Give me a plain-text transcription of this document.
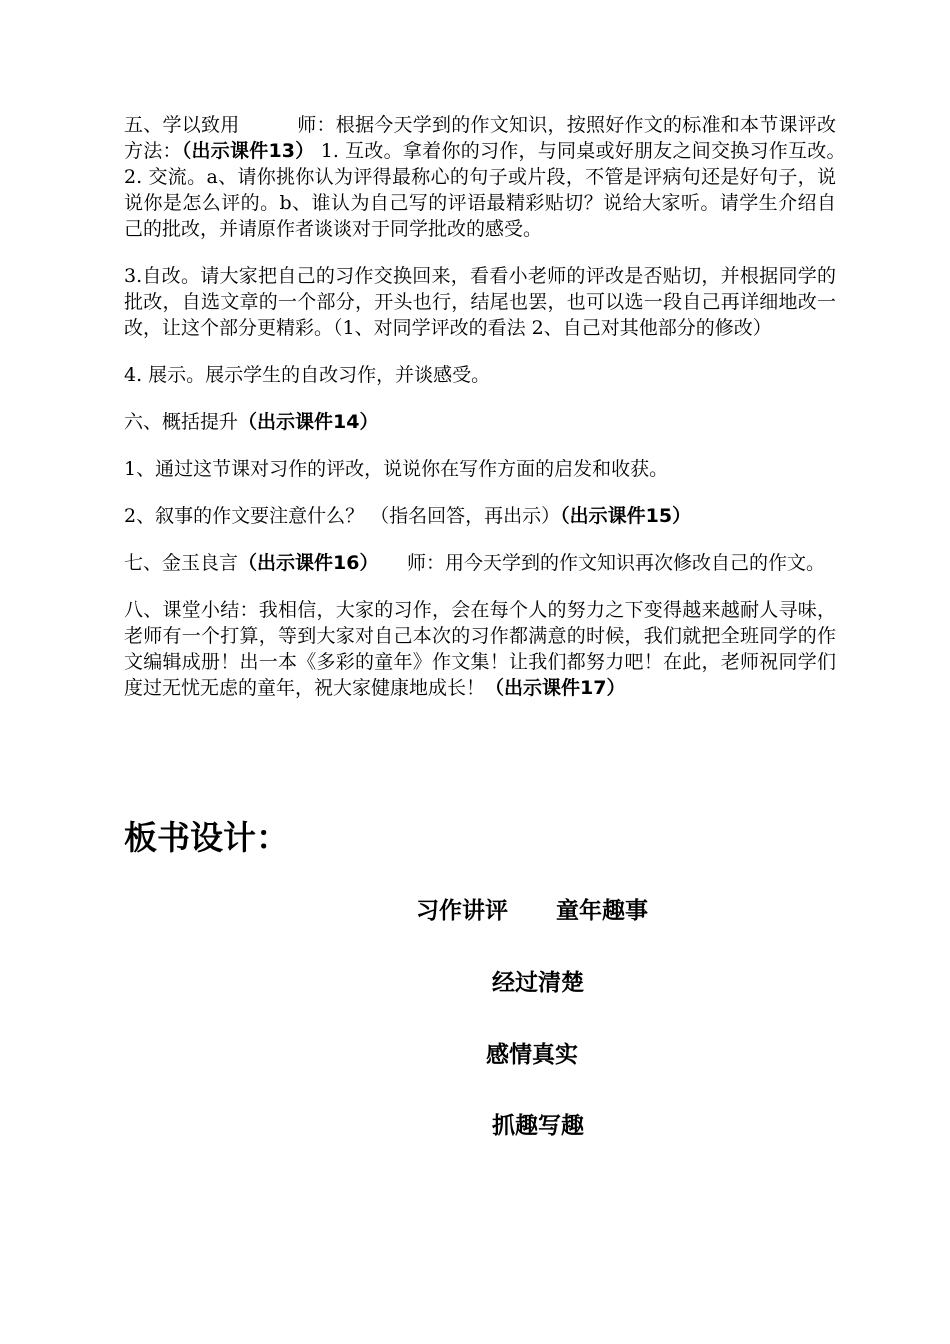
五、学以致用　　　师：根据今天学到的作文知识，按照好作文的标准和本节课评改方法：（出示课件13） 1. 互改。拿着你的习作，与同桌或好朋友之间交换习作互改。　 2. 交流。a、请你挑你认为评得最称心的句子或片段，不管是评病句还是好句子，说说你是怎么评的。b、谁认为自己写的评语最精彩贴切？说给大家听。请学生介绍自己的批改，并请原作者谈谈对于同学批改的感受。

3.自改。请大家把自己的习作交换回来，看看小老师的评改是否贴切，并根据同学的批改，自选文章的一个部分，开头也行，结尾也罢，也可以选一段自己再详细地改一改，让这个部分更精彩。（1、对同学评改的看法 2、自己对其他部分的修改）

4. 展示。展示学生的自改习作，并谈感受。

六、概括提升（出示课件14）

1、通过这节课对习作的评改，说说你在写作方面的启发和收获。

2、叙事的作文要注意什么？ （指名回答，再出示）（出示课件15）

七、金玉良言（出示课件16）　　师：用今天学到的作文知识再次修改自己的作文。

八、课堂小结：我相信，大家的习作，会在每个人的努力之下变得越来越耐人寻味，老师有一个打算，等到大家对自己本次的习作都满意的时候，我们就把全班同学的作文编辑成册！出一本《多彩的童年》作文集！让我们都努力吧！在此，老师祝同学们度过无忧无虑的童年，祝大家健康地成长！（出示课件17）

板书设计：
习作讲评 童年趣事
经过清楚
感情真实
抓趣写趣
